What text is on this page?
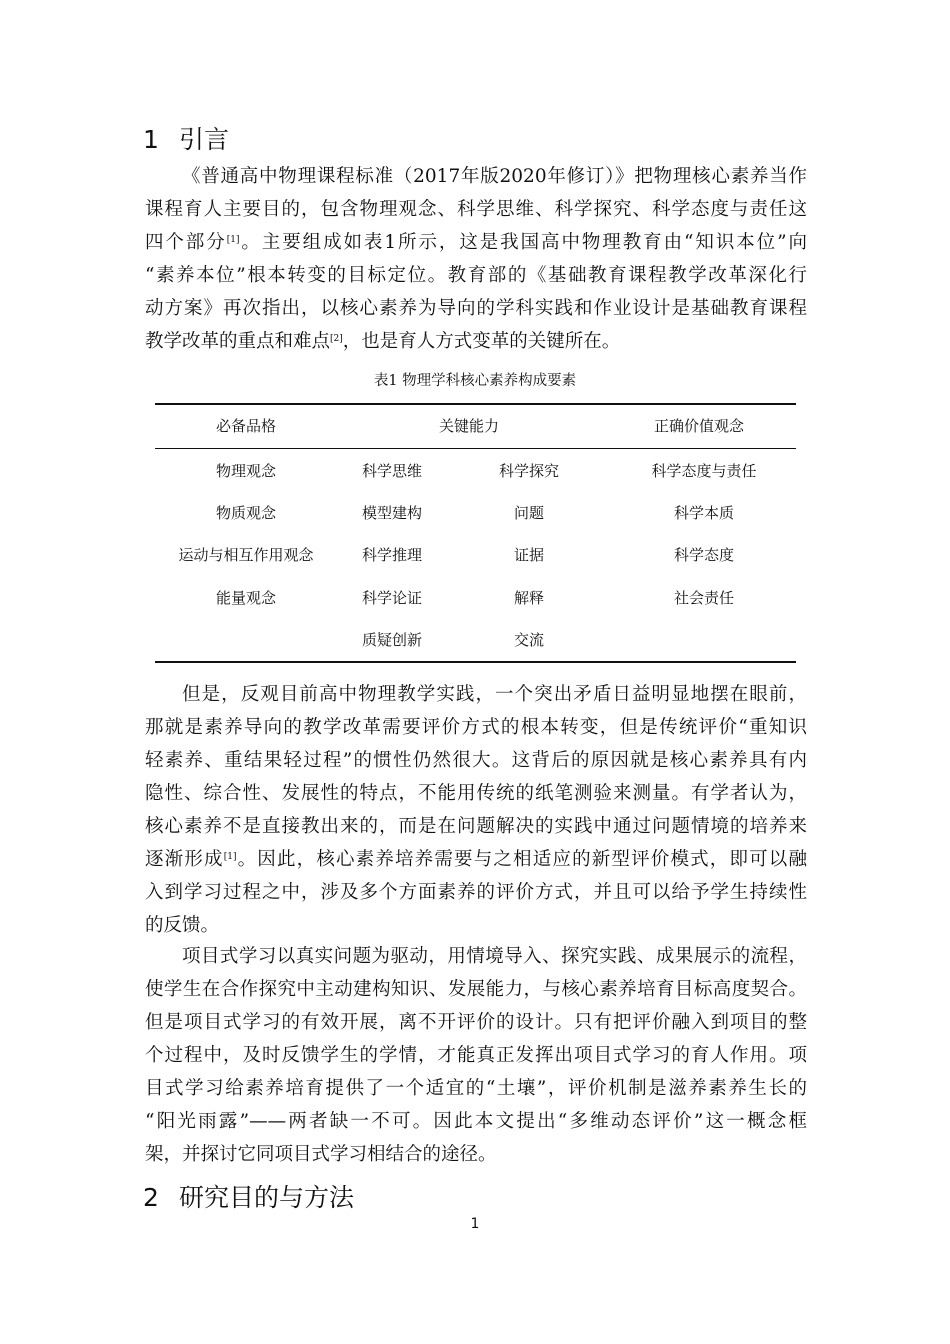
1 引言
《普通高中物理课程标准（2017年版2020年修订）》把物理核心素养当作
课程育人主要目的，包含物理观念、科学思维、科学探究、科学态度与责任这
四个部分[1]。主要组成如表1所示，这是我国高中物理教育由“知识本位”向
“素养本位”根本转变的目标定位。教育部的《基础教育课程教学改革深化行
动方案》再次指出，以核心素养为导向的学科实践和作业设计是基础教育课程
教学改革的重点和难点[2]，也是育人方式变革的关键所在。
表1 物理学科核心素养构成要素
必备品格	关键能力	正确价值观念
物理观念
物质观念
运动与相互作用观念
能量观念
科学思维
模型建构
科学推理
科学论证
质疑创新
科学探究
问题
证据
解释
交流
科学态度与责任
科学本质
科学态度
社会责任
但是，反观目前高中物理教学实践，一个突出矛盾日益明显地摆在眼前，
那就是素养导向的教学改革需要评价方式的根本转变，但是传统评价“重知识
轻素养、重结果轻过程”的惯性仍然很大。这背后的原因就是核心素养具有内
隐性、综合性、发展性的特点，不能用传统的纸笔测验来测量。有学者认为，
核心素养不是直接教出来的，而是在问题解决的实践中通过问题情境的培养来
逐渐形成[1]。因此，核心素养培养需要与之相适应的新型评价模式，即可以融
入到学习过程之中，涉及多个方面素养的评价方式，并且可以给予学生持续性
的反馈。
项目式学习以真实问题为驱动，用情境导入、探究实践、成果展示的流程，
使学生在合作探究中主动建构知识、发展能力，与核心素养培育目标高度契合。
但是项目式学习的有效开展，离不开评价的设计。只有把评价融入到项目的整
个过程中，及时反馈学生的学情，才能真正发挥出项目式学习的育人作用。项
目式学习给素养培育提供了一个适宜的“土壤”，评价机制是滋养素养生长的
“阳光雨露”——两者缺一不可。因此本文提出“多维动态评价”这一概念框
架，并探讨它同项目式学习相结合的途径。
2 研究目的与方法
1
